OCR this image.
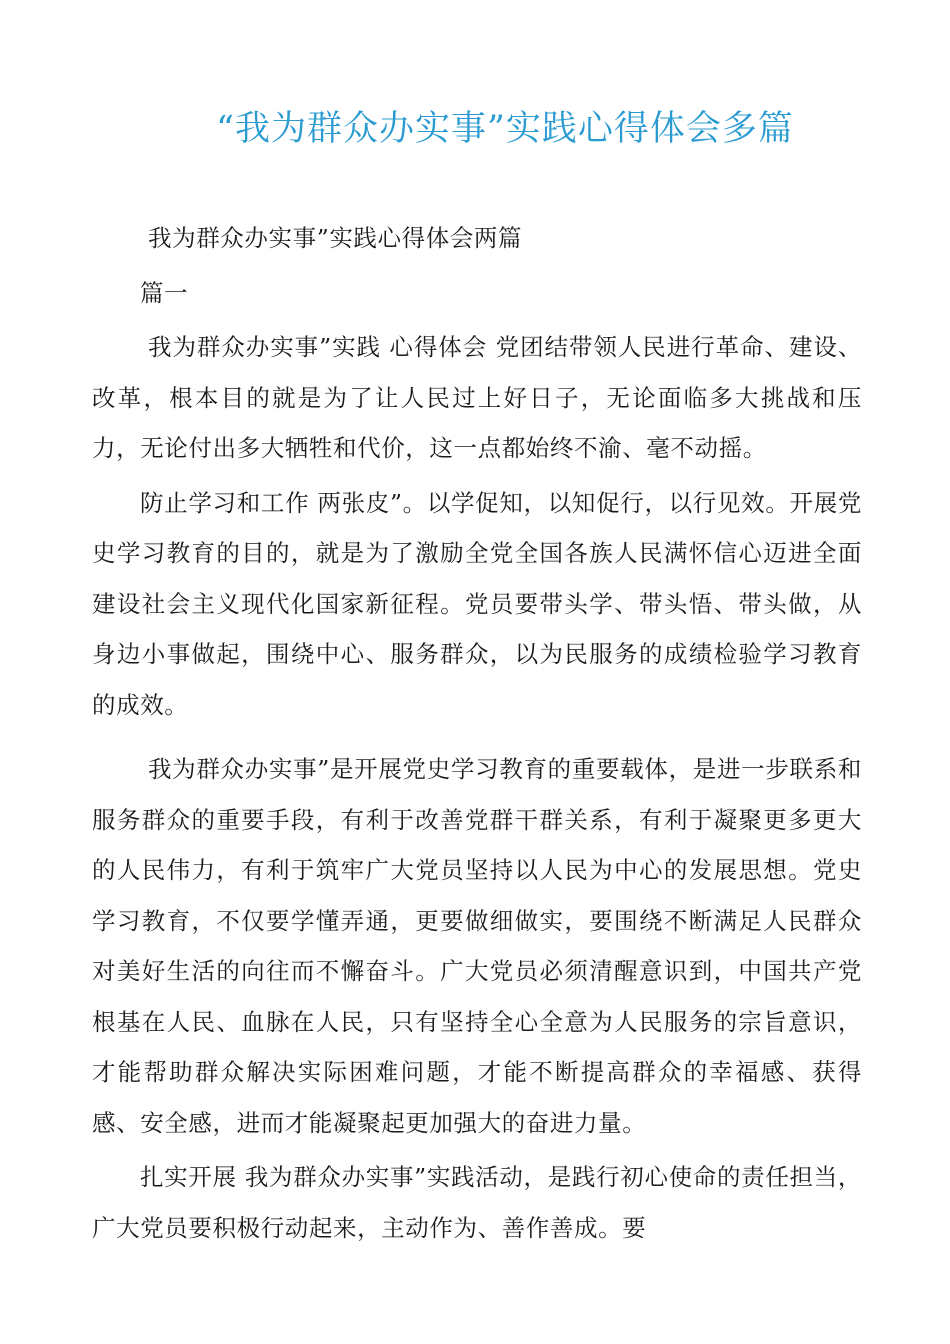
“我为群众办实事”实践心得体会多篇

我为群众办实事”实践心得体会两篇

篇一

我为群众办实事”实践 心得体会 党团结带领人民进行革命、建设、改革，根本目的就是为了让人民过上好日子，无论面临多大挑战和压力，无论付出多大牺牲和代价，这一点都始终不渝、毫不动摇。

防止学习和工作 两张皮”。以学促知，以知促行，以行见效。开展党史学习教育的目的，就是为了激励全党全国各族人民满怀信心迈进全面建设社会主义现代化国家新征程。党员要带头学、带头悟、带头做，从身边小事做起，围绕中心、服务群众，以为民服务的成绩检验学习教育的成效。

我为群众办实事”是开展党史学习教育的重要载体，是进一步联系和服务群众的重要手段，有利于改善党群干群关系，有利于凝聚更多更大的人民伟力，有利于筑牢广大党员坚持以人民为中心的发展思想。党史学习教育，不仅要学懂弄通，更要做细做实，要围绕不断满足人民群众对美好生活的向往而不懈奋斗。广大党员必须清醒意识到，中国共产党根基在人民、血脉在人民，只有坚持全心全意为人民服务的宗旨意识，才能帮助群众解决实际困难问题，才能不断提高群众的幸福感、获得感、安全感，进而才能凝聚起更加强大的奋进力量。

扎实开展 我为群众办实事”实践活动，是践行初心使命的责任担当，广大党员要积极行动起来，主动作为、善作善成。要
